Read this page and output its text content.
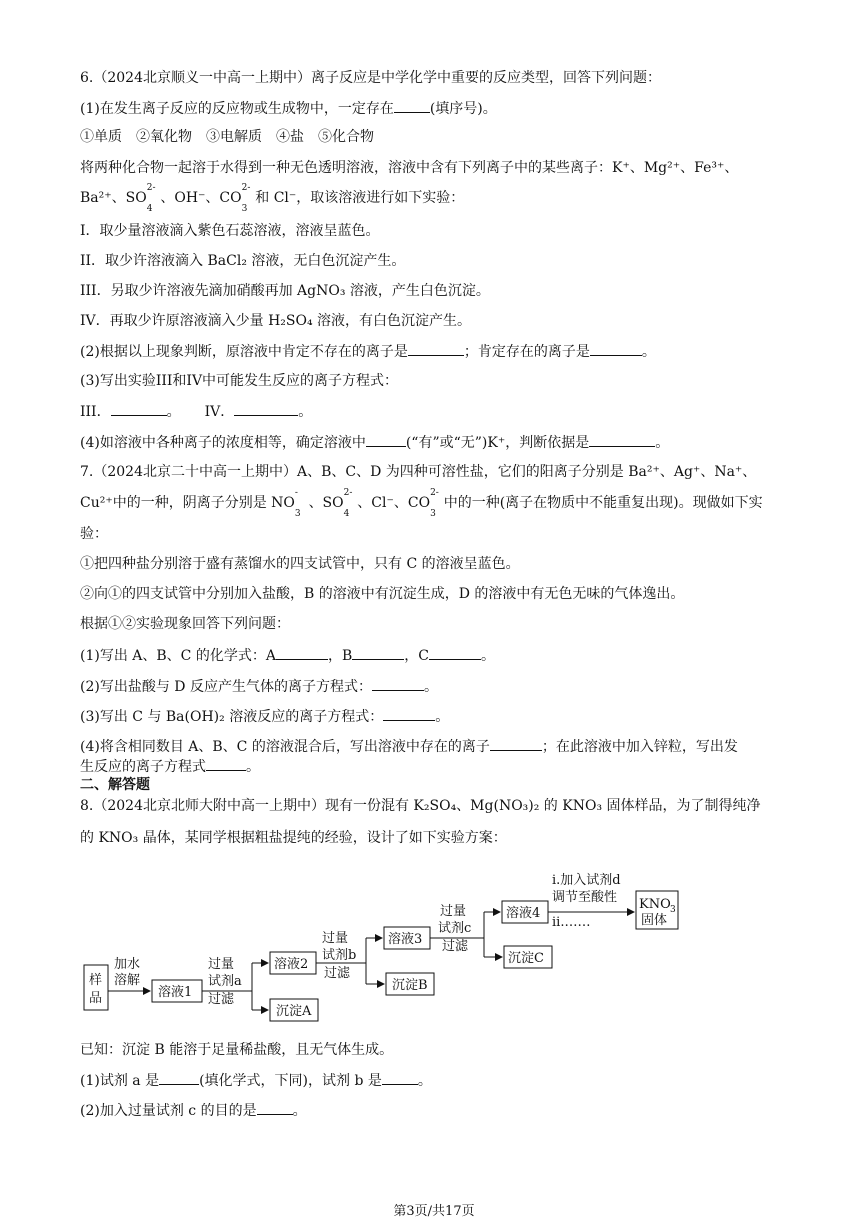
6.（2024北京顺义一中高一上期中）离子反应是中学化学中重要的反应类型，回答下列问题：
(1)在发生离子反应的反应物或生成物中，一定存在	(填序号)。
①单质　②氧化物　③电解质　④盐　⑤化合物
将两种化合物一起溶于水得到一种无色透明溶液，溶液中含有下列离子中的某些离子：K⁺、Mg²⁺、Fe³⁺、
Ba²⁺、SO
2-
4
、OH⁻、CO
2-
3
和 Cl⁻，取该溶液进行如下实验：
I．取少量溶液滴入紫色石蕊溶液，溶液呈蓝色。
II．取少许溶液滴入 BaCl₂ 溶液，无白色沉淀产生。
III．另取少许溶液先滴加硝酸再加 AgNO₃ 溶液，产生白色沉淀。
IV．再取少许原溶液滴入少量 H₂SO₄ 溶液，有白色沉淀产生。
(2)根据以上现象判断，原溶液中肯定不存在的离子是	；肯定存在的离子是	。
(3)写出实验III和IV中可能发生反应的离子方程式：
III．	。 IV．	。
(4)如溶液中各种离子的浓度相等，确定溶液中	(“有”或“无”)K⁺，判断依据是	。
7.（2024北京二十中高一上期中）A、B、C、D 为四种可溶性盐，它们的阳离子分别是 Ba²⁺、Ag⁺、Na⁺、
Cu²⁺中的一种，阴离子分别是 NO
-
3
、SO
2-
4
、Cl⁻、CO
2-
3
中的一种(离子在物质中不能重复出现)。现做如下实
验：
①把四种盐分别溶于盛有蒸馏水的四支试管中，只有 C 的溶液呈蓝色。
②向①的四支试管中分别加入盐酸，B 的溶液中有沉淀生成，D 的溶液中有无色无味的气体逸出。
根据①②实验现象回答下列问题：
(1)写出 A、B、C 的化学式：A	，B	，C	。
(2)写出盐酸与 D 反应产生气体的离子方程式：	。
(3)写出 C 与 Ba(OH)₂ 溶液反应的离子方程式：	。
(4)将含相同数目 A、B、C 的溶液混合后，写出溶液中存在的离子	；在此溶液中加入锌粒，写出发
生反应的离子方程式	。
二、解答题
8.（2024北京北师大附中高一上期中）现有一份混有 K₂SO₄、Mg(NO₃)₂ 的 KNO₃ 固体样品，为了制得纯净
的 KNO₃ 晶体，某同学根据粗盐提纯的经验，设计了如下实验方案：
样
品
加水
溶解
溶液1
过量
试剂a
过滤
溶液2
沉淀A
过量
试剂b
过滤
溶液3
沉淀B
过量
试剂c
过滤
溶液4
沉淀C
i.加入试剂d
调节至酸性
ii.……
KNO 3
固体
已知：沉淀 B 能溶于足量稀盐酸，且无气体生成。
(1)试剂 a 是	(填化学式，下同)，试剂 b 是	。
(2)加入过量试剂 c 的目的是	。
第3页/共17页
